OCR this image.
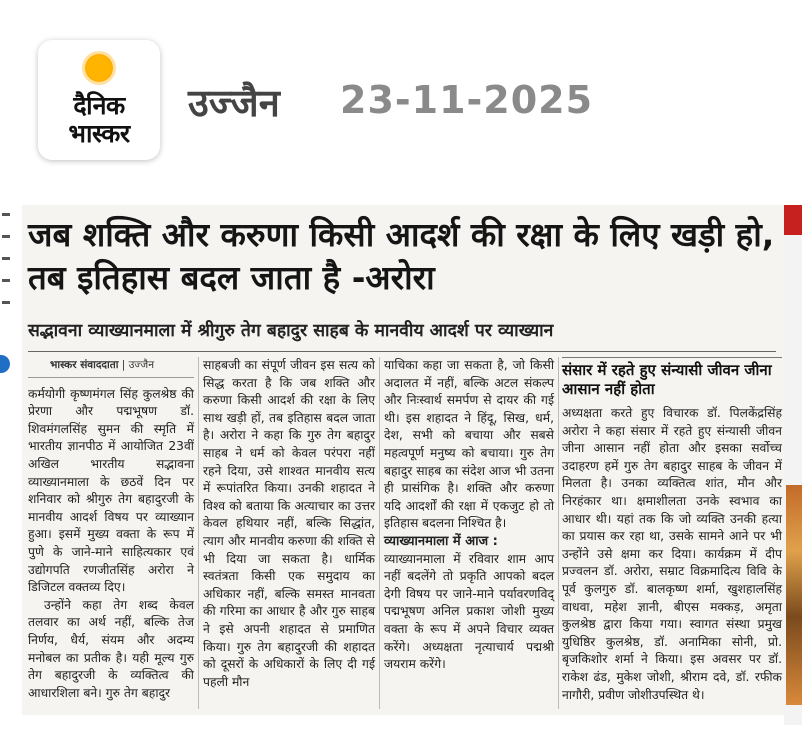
दैनिक
भास्कर
उज्जैन 23-11-2025
जब शक्ति और करुणा किसी आदर्श की रक्षा के लिए खड़ी हो, तब इतिहास बदल जाता है -अरोरा
सद्भावना व्याख्यानमाला में श्रीगुरु तेग बहादुर साहब के मानवीय आदर्श पर व्याख्यान
भास्कर संवाददाता | उज्जैन

कर्मयोगी कृष्णमंगल सिंह कुलश्रेष्ठ की प्रेरणा और पद्मभूषण डॉ. शिवमंगलसिंह सुमन की स्मृति में भारतीय ज्ञानपीठ में आयोजित 23वीं अखिल भारतीय सद्भावना व्याख्यानमाला के छठवें दिन पर शनिवार को श्रीगुरु तेग बहादुरजी के मानवीय आदर्श विषय पर व्याख्यान हुआ। इसमें मुख्य वक्ता के रूप में पुणे के जाने-माने साहित्यकार एवं उद्योगपति रणजीतसिंह अरोरा ने डिजिटल वक्तव्य दिए।

उन्होंने कहा तेग शब्द केवल तलवार का अर्थ नहीं, बल्कि तेज निर्णय, धैर्य, संयम और अदम्य मनोबल का प्रतीक है। यही मूल्य गुरु तेग बहादुरजी के व्यक्तित्व की आधारशिला बने। गुरु तेग बहादुर

साहबजी का संपूर्ण जीवन इस सत्य को सिद्ध करता है कि जब शक्ति और करुणा किसी आदर्श की रक्षा के लिए साथ खड़ी हों, तब इतिहास बदल जाता है। अरोरा ने कहा कि गुरु तेग बहादुर साहब ने धर्म को केवल परंपरा नहीं रहने दिया, उसे शाश्वत मानवीय सत्य में रूपांतरित किया। उनकी शहादत ने विश्व को बताया कि अत्याचार का उत्तर केवल हथियार नहीं, बल्कि सिद्धांत, त्याग और मानवीय करुणा की शक्ति से भी दिया जा सकता है। धार्मिक स्वतंत्रता किसी एक समुदाय का अधिकार नहीं, बल्कि समस्त मानवता की गरिमा का आधार है और गुरु साहब ने इसे अपनी शहादत से प्रमाणित किया। गुरु तेग बहादुरजी की शहादत को दूसरों के अधिकारों के लिए दी गई पहली मौन

याचिका कहा जा सकता है, जो किसी अदालत में नहीं, बल्कि अटल संकल्प और निःस्वार्थ समर्पण से दायर की गई थी। इस शहादत ने हिंदू, सिख, धर्म, देश, सभी को बचाया और सबसे महत्वपूर्ण मनुष्य को बचाया। गुरु तेग बहादुर साहब का संदेश आज भी उतना ही प्रासंगिक है। शक्ति और करुणा यदि आदर्शों की रक्षा में एकजुट हो तो इतिहास बदलना निश्चित है।

व्याख्यानमाला में आज :

व्याख्यानमाला में रविवार शाम आप नहीं बदलेंगे तो प्रकृति आपको बदल देगी विषय पर जाने-माने पर्यावरणविद् पद्मभूषण अनिल प्रकाश जोशी मुख्य वक्ता के रूप में अपने विचार व्यक्त करेंगे। अध्यक्षता नृत्याचार्य पद्मश्री जयराम करेंगे।

संसार में रहते हुए संन्यासी जीवन जीना आसान नहीं होता

अध्यक्षता करते हुए विचारक डॉ. पिलकेंद्रसिंह अरोरा ने कहा संसार में रहते हुए संन्यासी जीवन जीना आसान नहीं होता और इसका सर्वोच्च उदाहरण हमें गुरु तेग बहादुर साहब के जीवन में मिलता है। उनका व्यक्तित्व शांत, मौन और निरहंकार था। क्षमाशीलता उनके स्वभाव का आधार थी। यहां तक कि जो व्यक्ति उनकी हत्या का प्रयास कर रहा था, उसके सामने आने पर भी उन्होंने उसे क्षमा कर दिया। कार्यक्रम में दीप प्रज्वलन डॉ. अरोरा, सम्राट विक्रमादित्य विवि के पूर्व कुलगुरु डॉ. बालकृष्ण शर्मा, खुशहालसिंह वाधवा, महेश ज्ञानी, बीएस मक्कड़, अमृता कुलश्रेष्ठ द्वारा किया गया। स्वागत संस्था प्रमुख युधिष्ठिर कुलश्रेष्ठ, डॉ. अनामिका सोनी, प्रो. बृजकिशोर शर्मा ने किया। इस अवसर पर डॉ. राकेश ढंड, मुकेश जोशी, श्रीराम दवे, डॉ. रफीक नागौरी, प्रवीण जोशीउपस्थित थे।
